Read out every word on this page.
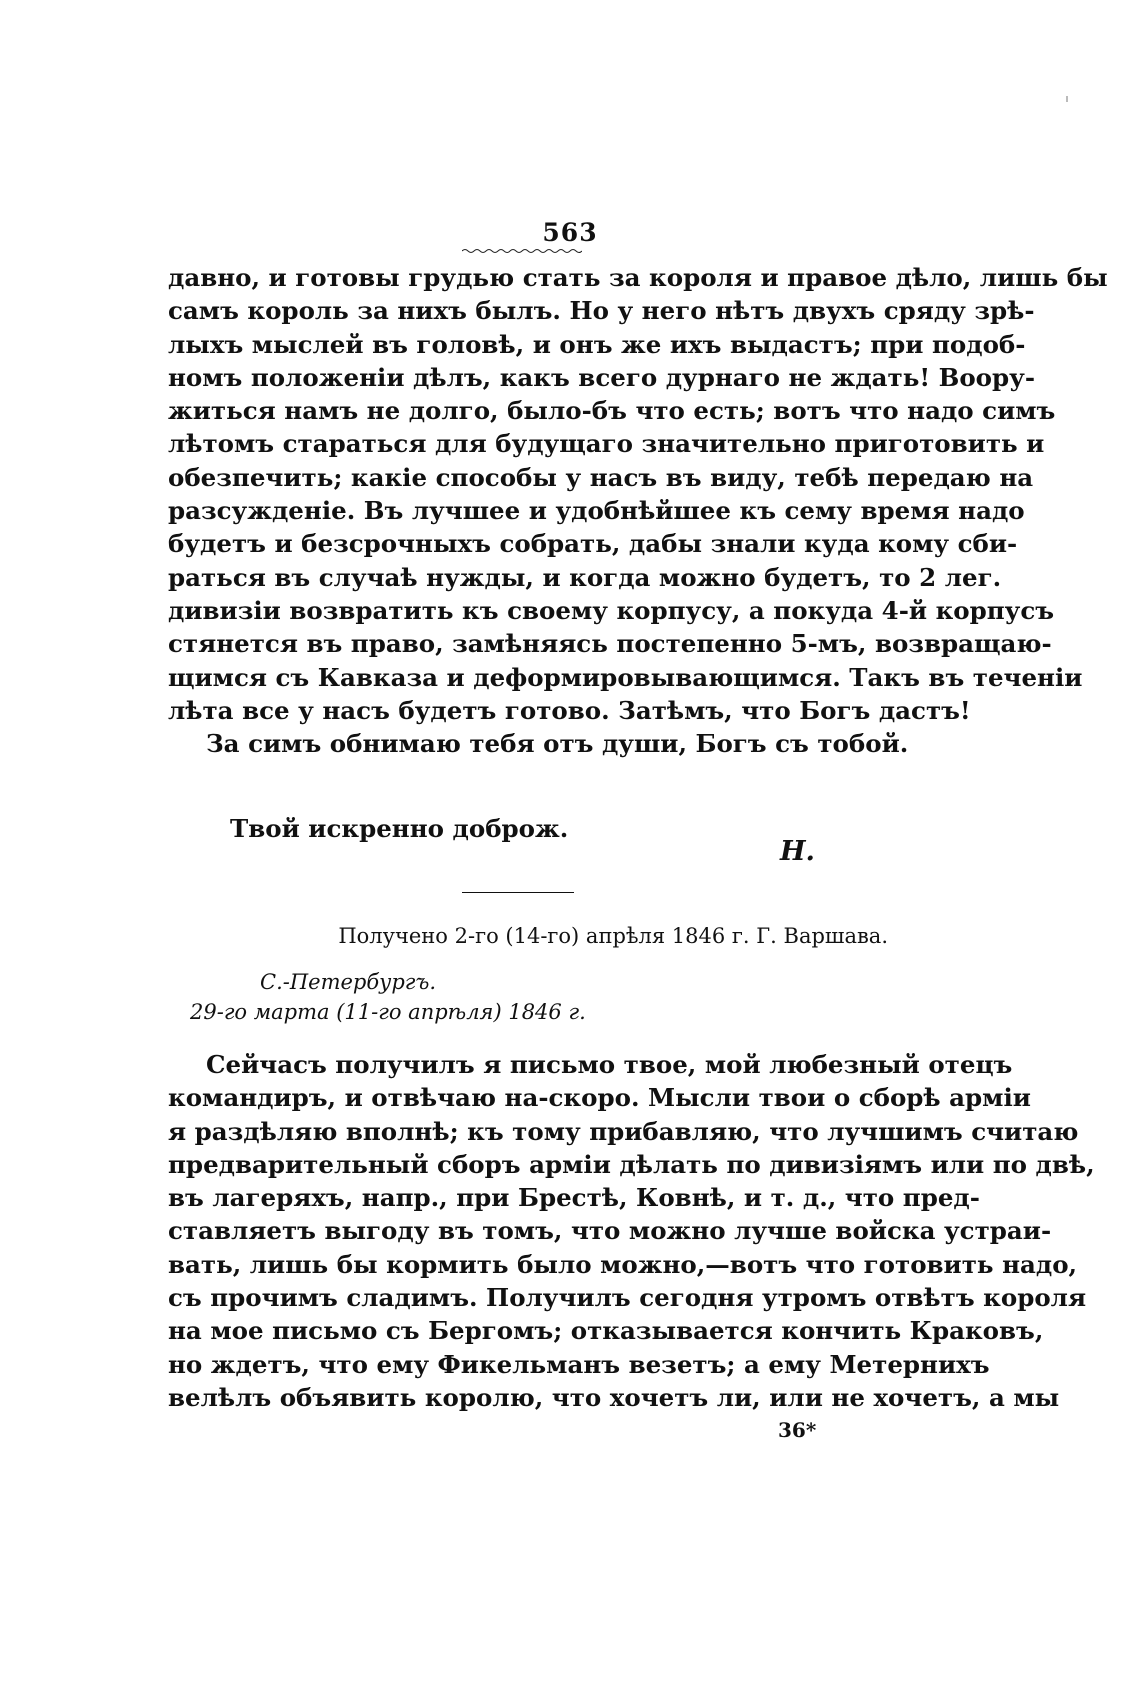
563
давно, и готовы грудью стать за короля и правое дѣло, лишь бы
самъ король за нихъ былъ. Но у него нѣтъ двухъ сряду зрѣ-
лыхъ мыслей въ головѣ, и онъ же ихъ выдастъ; при подоб-
номъ положенiи дѣлъ, какъ всего дурнаго не ждать! Воору-
житься намъ не долго, было-бъ что есть; вотъ что надо симъ
лѣтомъ стараться для будущаго значительно приготовить и
обезпечить; какiе способы у насъ въ виду, тебѣ передаю на
разсужденiе. Въ лучшее и удобнѣйшее къ сему время надо
будетъ и безсрочныхъ собрать, дабы знали куда кому сби-
раться въ случаѣ нужды, и когда можно будетъ, то 2 лег.
дивизiи возвратить къ своему корпусу, а покуда 4-й корпусъ
стянется въ право, замѣняясь постепенно 5-мъ, возвращаю-
щимся съ Кавказа и деформировывающимся. Такъ въ теченiи
лѣта все у насъ будетъ готово. Затѣмъ, что Богъ дастъ!
За симъ обнимаю тебя отъ души, Богъ съ тобой.
Твой искренно доброж.
Н.
Получено 2-го (14-го) апрѣля 1846 г. Г. Варшава.
С.-Петербургъ.
29-го марта (11-го апрѣля) 1846 г.
Сейчасъ получилъ я письмо твое, мой любезный отецъ
командиръ, и отвѣчаю на-скоро. Мысли твои о сборѣ армiи
я раздѣляю вполнѣ; къ тому прибавляю, что лучшимъ считаю
предварительный сборъ армiи дѣлать по дивизiямъ или по двѣ,
въ лагеряхъ, напр., при Брестѣ, Ковнѣ, и т. д., что пред-
ставляетъ выгоду въ томъ, что можно лучше войска устраи-
вать, лишь бы кормить было можно,—вотъ что готовить надо,
съ прочимъ сладимъ. Получилъ сегодня утромъ отвѣтъ короля
на мое письмо съ Бергомъ; отказывается кончить Краковъ,
но ждетъ, что ему Фикельманъ везетъ; а ему Метернихъ
велѣлъ объявить королю, что хочетъ ли, или не хочетъ, а мы
36*
